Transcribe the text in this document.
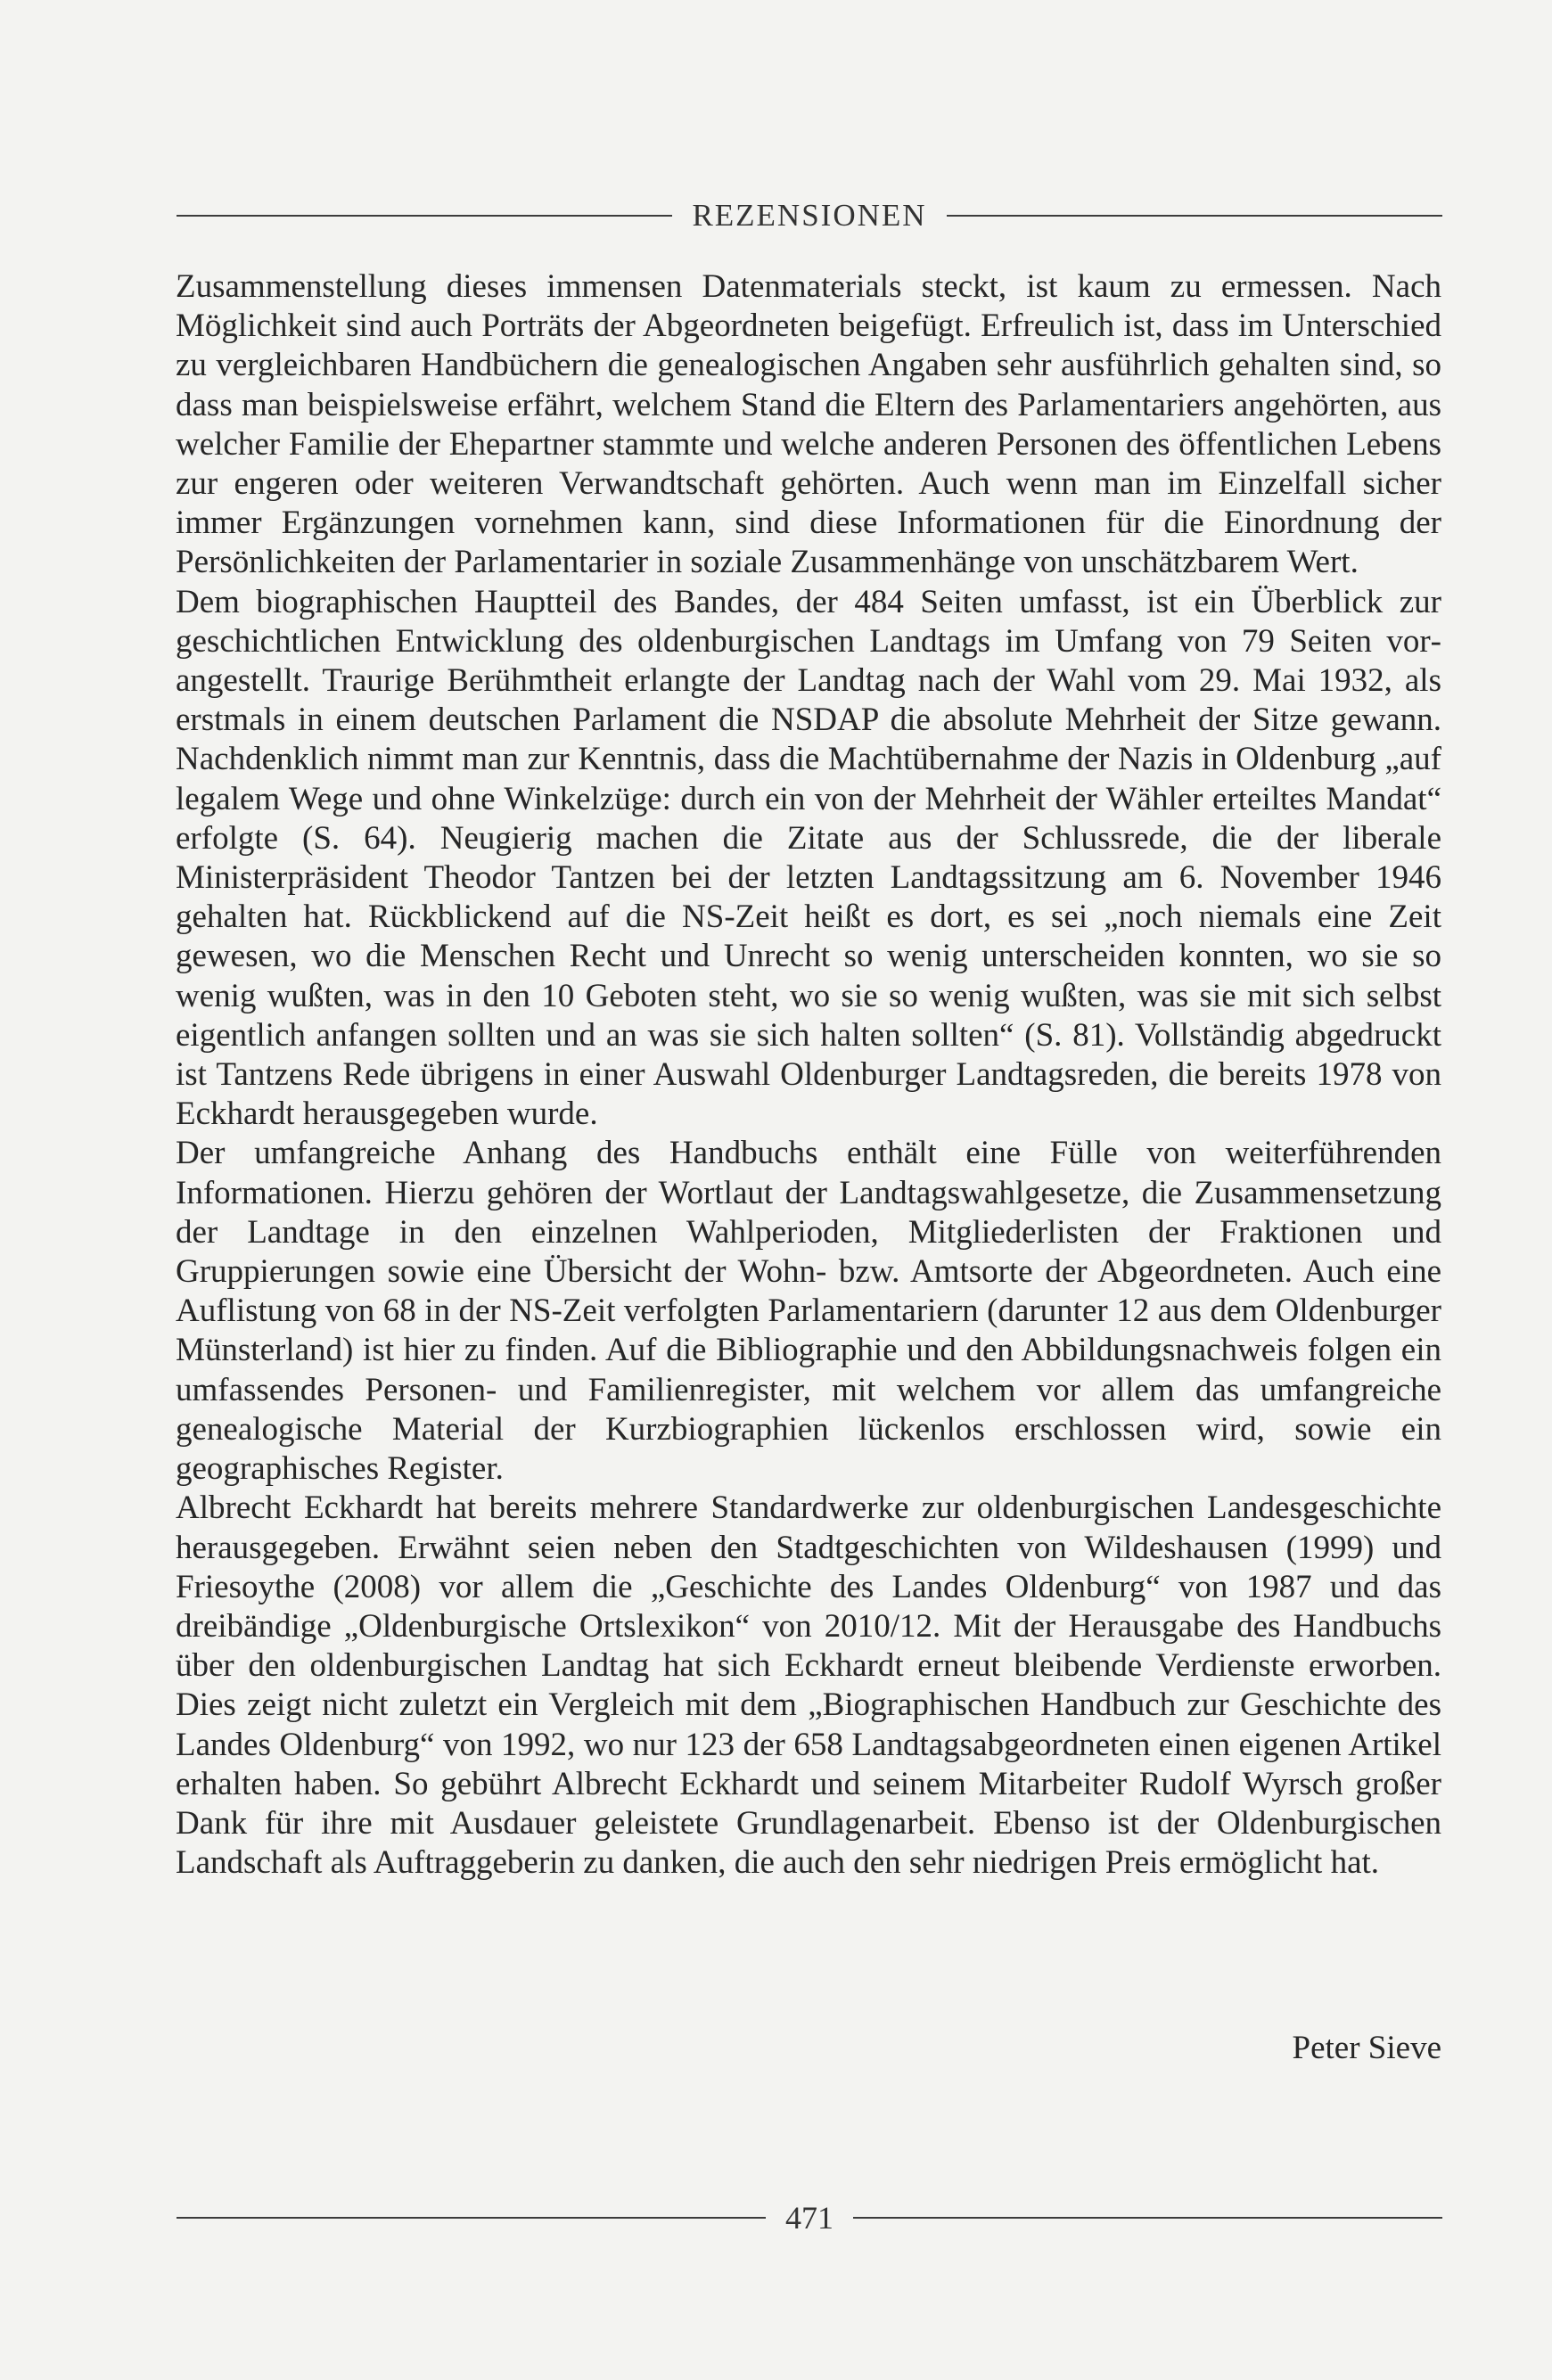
REZENSIONEN

Zusammenstellung dieses immensen Datenmaterials steckt, ist kaum zu ermessen. Nach Möglichkeit sind auch Porträts der Abgeordneten beigefügt. Erfreulich ist, dass im Unterschied zu vergleichbaren Handbüchern die genealogischen Angaben sehr ausführlich gehalten sind, so dass man beispielsweise erfährt, welchem Stand die Eltern des Parlamentariers angehörten, aus welcher Familie der Ehepartner stammte und welche anderen Personen des öffentlichen Lebens zur engeren oder weiteren Verwandtschaft gehörten. Auch wenn man im Einzelfall sicher immer Ergänzungen vornehmen kann, sind diese Informationen für die Einordnung der Persönlichkeiten der Parlamentarier in soziale Zusammenhänge von unschätzbarem Wert.

Dem biographischen Hauptteil des Bandes, der 484 Seiten umfasst, ist ein Überblick zur geschichtlichen Entwicklung des oldenburgischen Landtags im Umfang von 79 Seiten vorangestellt. Traurige Berühmtheit erlangte der Landtag nach der Wahl vom 29. Mai 1932, als erstmals in einem deutschen Parlament die NSDAP die absolute Mehrheit der Sitze gewann. Nachdenklich nimmt man zur Kenntnis, dass die Machtübernahme der Nazis in Oldenburg „auf legalem Wege und ohne Winkelzüge: durch ein von der Mehrheit der Wähler erteiltes Mandat“ erfolgte (S. 64). Neugierig machen die Zitate aus der Schlussrede, die der liberale Ministerpräsident Theodor Tantzen bei der letzten Landtagssitzung am 6. November 1946 gehalten hat. Rückblickend auf die NS-Zeit heißt es dort, es sei „noch niemals eine Zeit gewesen, wo die Menschen Recht und Unrecht so wenig unterscheiden konnten, wo sie so wenig wußten, was in den 10 Geboten steht, wo sie so wenig wußten, was sie mit sich selbst eigentlich anfangen sollten und an was sie sich halten sollten“ (S. 81). Vollständig abgedruckt ist Tantzens Rede übrigens in einer Auswahl Oldenburger Landtagsreden, die bereits 1978 von Eckhardt herausgegeben wurde.

Der umfangreiche Anhang des Handbuchs enthält eine Fülle von weiterführenden Informationen. Hierzu gehören der Wortlaut der Landtagswahlgesetze, die Zusammensetzung der Landtage in den einzelnen Wahlperioden, Mitgliederlisten der Fraktionen und Gruppierungen sowie eine Übersicht der Wohn- bzw. Amtsorte der Abgeordneten. Auch eine Auflistung von 68 in der NS-Zeit verfolgten Parlamentariern (darunter 12 aus dem Oldenburger Münsterland) ist hier zu finden. Auf die Bibliographie und den Abbildungsnachweis folgen ein umfassendes Personen- und Familienregister, mit welchem vor allem das umfangreiche genealogische Material der Kurzbiographien lückenlos erschlossen wird, sowie ein geographisches Register.

Albrecht Eckhardt hat bereits mehrere Standardwerke zur oldenburgischen Landesgeschichte herausgegeben. Erwähnt seien neben den Stadtgeschichten von Wildeshausen (1999) und Friesoythe (2008) vor allem die „Geschichte des Landes Oldenburg“ von 1987 und das dreibändige „Oldenburgische Ortslexikon“ von 2010/12. Mit der Herausgabe des Handbuchs über den oldenburgischen Landtag hat sich Eckhardt erneut bleibende Verdienste erworben. Dies zeigt nicht zuletzt ein Vergleich mit dem „Biographischen Handbuch zur Geschichte des Landes Oldenburg“ von 1992, wo nur 123 der 658 Landtagsabgeordneten einen eigenen Artikel erhalten haben. So gebührt Albrecht Eckhardt und seinem Mitarbeiter Rudolf Wyrsch großer Dank für ihre mit Ausdauer geleistete Grundlagenarbeit. Ebenso ist der Oldenburgischen Landschaft als Auftraggeberin zu danken, die auch den sehr niedrigen Preis ermöglicht hat.

Peter Sieve
471
